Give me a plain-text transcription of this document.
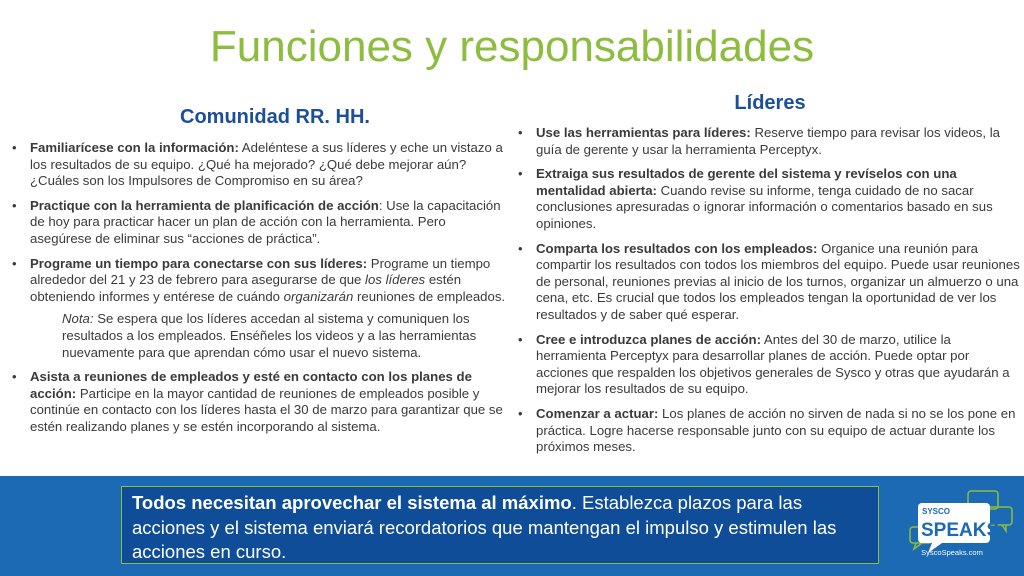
Funciones y responsabilidades
Comunidad RR. HH.
Líderes
• Familiarícese con la información: Adeléntese a sus líderes y eche un vistazo a los resultados de su equipo. ¿Qué ha mejorado? ¿Qué debe mejorar aún? ¿Cuáles son los Impulsores de Compromiso en su área?
• Practique con la herramienta de planificación de acción: Use la capacitación de hoy para practicar hacer un plan de acción con la herramienta. Pero asegúrese de eliminar sus “acciones de práctica”.
• Programe un tiempo para conectarse con sus líderes: Programe un tiempo alrededor del 21 y 23 de febrero para asegurarse de que los líderes estén obteniendo informes y entérese de cuándo organizarán reuniones de empleados.
Nota: Se espera que los líderes accedan al sistema y comuniquen los resultados a los empleados. Enséñeles los videos y a las herramientas nuevamente para que aprendan cómo usar el nuevo sistema.
• Asista a reuniones de empleados y esté en contacto con los planes de acción: Participe en la mayor cantidad de reuniones de empleados posible y continúe en contacto con los líderes hasta el 30 de marzo para garantizar que se estén realizando planes y se estén incorporando al sistema.
• Use las herramientas para líderes: Reserve tiempo para revisar los videos, la guía de gerente y usar la herramienta Perceptyx.
• Extraiga sus resultados de gerente del sistema y revíselos con una mentalidad abierta: Cuando revise su informe, tenga cuidado de no sacar conclusiones apresuradas o ignorar información o comentarios basado en sus opiniones.
• Comparta los resultados con los empleados: Organice una reunión para compartir los resultados con todos los miembros del equipo. Puede usar reuniones de personal, reuniones previas al inicio de los turnos, organizar un almuerzo o una cena, etc. Es crucial que todos los empleados tengan la oportunidad de ver los resultados y de saber qué esperar.
• Cree e introduzca planes de acción: Antes del 30 de marzo, utilice la herramienta Perceptyx para desarrollar planes de acción. Puede optar por acciones que respalden los objetivos generales de Sysco y otras que ayudarán a mejorar los resultados de su equipo.
• Comenzar a actuar: Los planes de acción no sirven de nada si no se los pone en práctica. Logre hacerse responsable junto con su equipo de actuar durante los próximos meses.
Todos necesitan aprovechar el sistema al máximo. Establezca plazos para las acciones y el sistema enviará recordatorios que mantengan el impulso y estimulen las acciones en curso.
SYSCO
SPEAKS
SyscoSpeaks.com
